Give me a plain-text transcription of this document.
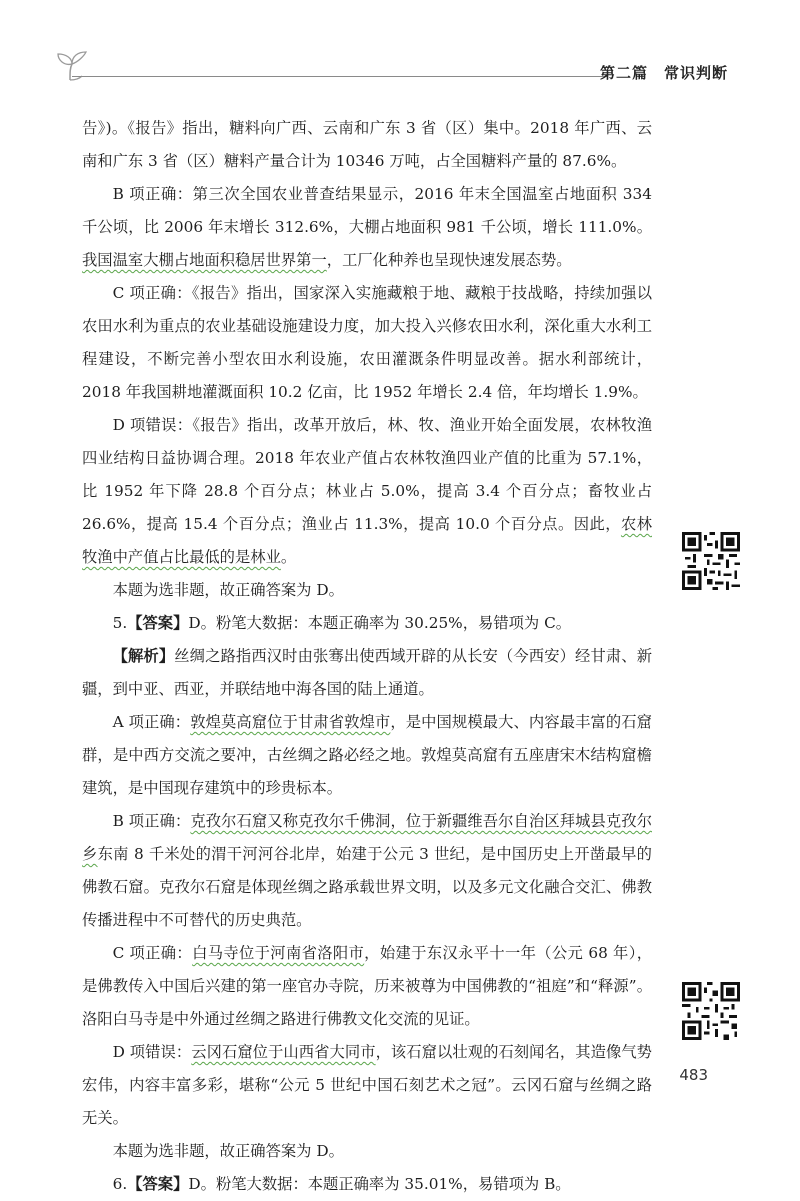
第二篇　常识判断

告》)。《报告》指出，糖料向广西、云南和广东 3 省（区）集中。2018 年广西、云南和广东 3 省（区）糖料产量合计为 10346 万吨，占全国糖料产量的 87.6%。

B 项正确：第三次全国农业普查结果显示，2016 年末全国温室占地面积 334 千公顷，比 2006 年末增长 312.6%，大棚占地面积 981 千公顷，增长 111.0%。我国温室大棚占地面积稳居世界第一，工厂化种养也呈现快速发展态势。

C 项正确：《报告》指出，国家深入实施藏粮于地、藏粮于技战略，持续加强以农田水利为重点的农业基础设施建设力度，加大投入兴修农田水利，深化重大水利工程建设，不断完善小型农田水利设施，农田灌溉条件明显改善。据水利部统计，2018 年我国耕地灌溉面积 10.2 亿亩，比 1952 年增长 2.4 倍，年均增长 1.9%。

D 项错误：《报告》指出，改革开放后，林、牧、渔业开始全面发展，农林牧渔四业结构日益协调合理。2018 年农业产值占农林牧渔四业产值的比重为 57.1%，比 1952 年下降 28.8 个百分点；林业占 5.0%，提高 3.4 个百分点；畜牧业占 26.6%，提高 15.4 个百分点；渔业占 11.3%，提高 10.0 个百分点。因此，农林牧渔中产值占比最低的是林业。

本题为选非题，故正确答案为 D。

5.【答案】D。粉笔大数据：本题正确率为 30.25%，易错项为 C。

【解析】丝绸之路指西汉时由张骞出使西域开辟的从长安（今西安）经甘肃、新疆，到中亚、西亚，并联结地中海各国的陆上通道。

A 项正确：敦煌莫高窟位于甘肃省敦煌市，是中国规模最大、内容最丰富的石窟群，是中西方交流之要冲，古丝绸之路必经之地。敦煌莫高窟有五座唐宋木结构窟檐建筑，是中国现存建筑中的珍贵标本。

B 项正确：克孜尔石窟又称克孜尔千佛洞，位于新疆维吾尔自治区拜城县克孜尔乡东南 8 千米处的渭干河河谷北岸，始建于公元 3 世纪，是中国历史上开凿最早的佛教石窟。克孜尔石窟是体现丝绸之路承载世界文明，以及多元文化融合交汇、佛教传播进程中不可替代的历史典范。

C 项正确：白马寺位于河南省洛阳市，始建于东汉永平十一年（公元 68 年），是佛教传入中国后兴建的第一座官办寺院，历来被尊为中国佛教的“祖庭”和“释源”。洛阳白马寺是中外通过丝绸之路进行佛教文化交流的见证。

D 项错误：云冈石窟位于山西省大同市，该石窟以壮观的石刻闻名，其造像气势宏伟，内容丰富多彩，堪称“公元 5 世纪中国石刻艺术之冠”。云冈石窟与丝绸之路无关。

本题为选非题，故正确答案为 D。

6.【答案】D。粉笔大数据：本题正确率为 35.01%，易错项为 B。

483
